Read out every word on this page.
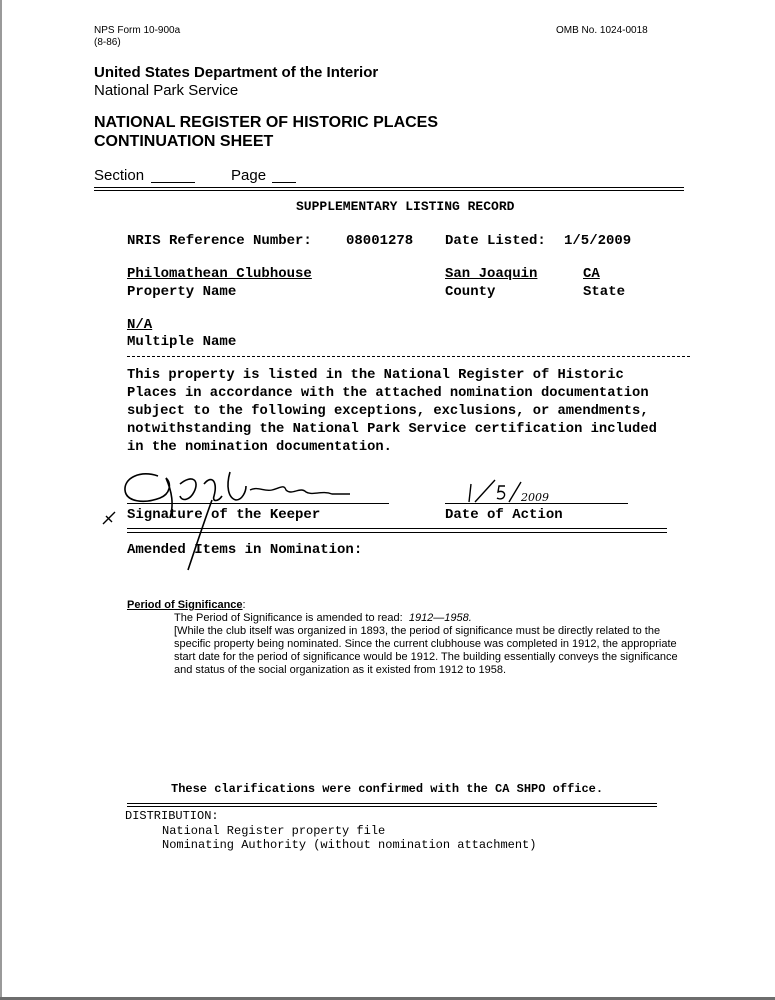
NPS Form 10-900a
(8-86)
OMB No. 1024-0018
United States Department of the Interior
National Park Service
NATIONAL REGISTER OF HISTORIC PLACES
CONTINUATION SHEET
Section	Page
SUPPLEMENTARY LISTING RECORD
NRIS Reference Number: 08001278 Date Listed: 1/5/2009
Philomathean Clubhouse	San Joaquin	CA
Property Name	County	State
N/A
Multiple Name
This property is listed in the National Register of Historic
Places in accordance with the attached nomination documentation
subject to the following exceptions, exclusions, or amendments,
notwithstanding the National Park Service certification included
in the nomination documentation.
2009
Signature of the Keeper	Date of Action
Amended Items in Nomination:
Period of Significance:
The Period of Significance is amended to read: 1912—1958.
[While the club itself was organized in 1893, the period of significance must be directly related to the
specific property being nominated. Since the current clubhouse was completed in 1912, the appropriate
start date for the period of significance would be 1912. The building essentially conveys the significance
and status of the social organization as it existed from 1912 to 1958.
These clarifications were confirmed with the CA SHPO office.
DISTRIBUTION:
National Register property file
Nominating Authority (without nomination attachment)
